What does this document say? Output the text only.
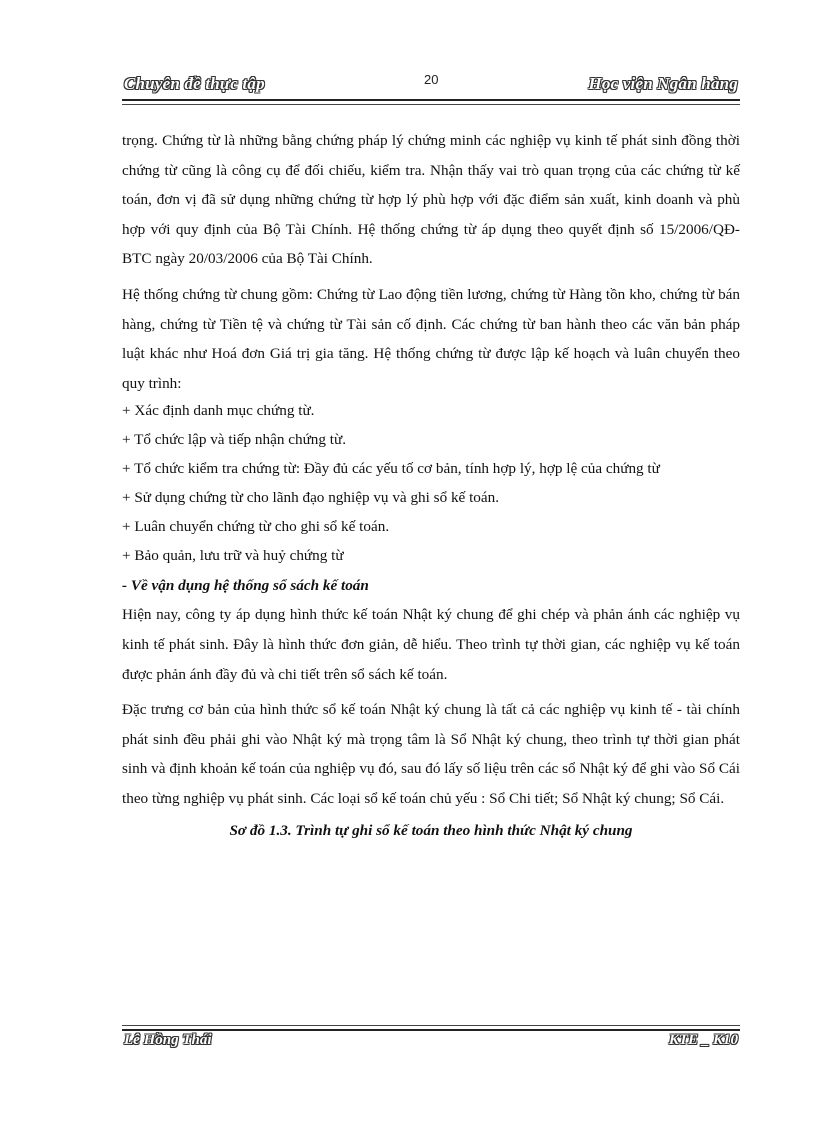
Chuyên đề thực tập	20	Học viện Ngân hàng

trọng. Chứng từ là những bằng chứng pháp lý chứng minh các nghiệp vụ kinh tế phát sinh đồng thời chứng từ cũng là công cụ để đối chiếu, kiểm tra. Nhận thấy vai trò quan trọng của các chứng từ kế toán, đơn vị đã sử dụng những chứng từ hợp lý phù hợp với đặc điểm sản xuất, kinh doanh và phù hợp với quy định của Bộ Tài Chính. Hệ thống chứng từ áp dụng theo quyết định số 15/2006/QĐ-BTC ngày 20/03/2006 của Bộ Tài Chính.

Hệ thống chứng từ chung gồm: Chứng từ Lao động tiền lương, chứng từ Hàng tồn kho, chứng từ bán hàng, chứng từ Tiền tệ và chứng từ Tài sản cố định. Các chứng từ ban hành theo các văn bản pháp luật khác như Hoá đơn Giá trị gia tăng. Hệ thống chứng từ được lập kế hoạch và luân chuyển theo quy trình:

+ Xác định danh mục chứng từ.

+ Tổ chức lập và tiếp nhận chứng từ.

+ Tổ chức kiểm tra chứng từ: Đầy đủ các yếu tố cơ bản, tính hợp lý, hợp lệ của chứng từ

+ Sử dụng chứng từ cho lãnh đạo nghiệp vụ và ghi sổ kế toán.

+ Luân chuyển chứng từ cho ghi sổ kế toán.

+ Bảo quản, lưu trữ và huỷ chứng từ

- Về vận dụng hệ thống sổ sách kế toán

Hiện nay, công ty áp dụng hình thức kế toán Nhật ký chung để ghi chép và phản ánh các nghiệp vụ kinh tế phát sinh. Đây là hình thức đơn giản, dễ hiểu. Theo trình tự thời gian, các nghiệp vụ kế toán được phản ánh đầy đủ và chi tiết trên sổ sách kế toán.

Đặc trưng cơ bản của hình thức sổ kế toán Nhật ký chung là tất cả các nghiệp vụ kinh tế - tài chính phát sinh đều phải ghi vào Nhật ký mà trọng tâm là Sổ Nhật ký chung, theo trình tự thời gian phát sinh và định khoản kế toán của nghiệp vụ đó, sau đó lấy số liệu trên các sổ Nhật ký để ghi vào Sổ Cái theo từng nghiệp vụ phát sinh. Các loại sổ kế toán chủ yếu : Sổ Chi tiết; Sổ Nhật ký chung; Sổ Cái.

Sơ đồ 1.3. Trình tự ghi sổ kế toán theo hình thức Nhật ký chung

Lê Hồng Thái	KTE _ K10
